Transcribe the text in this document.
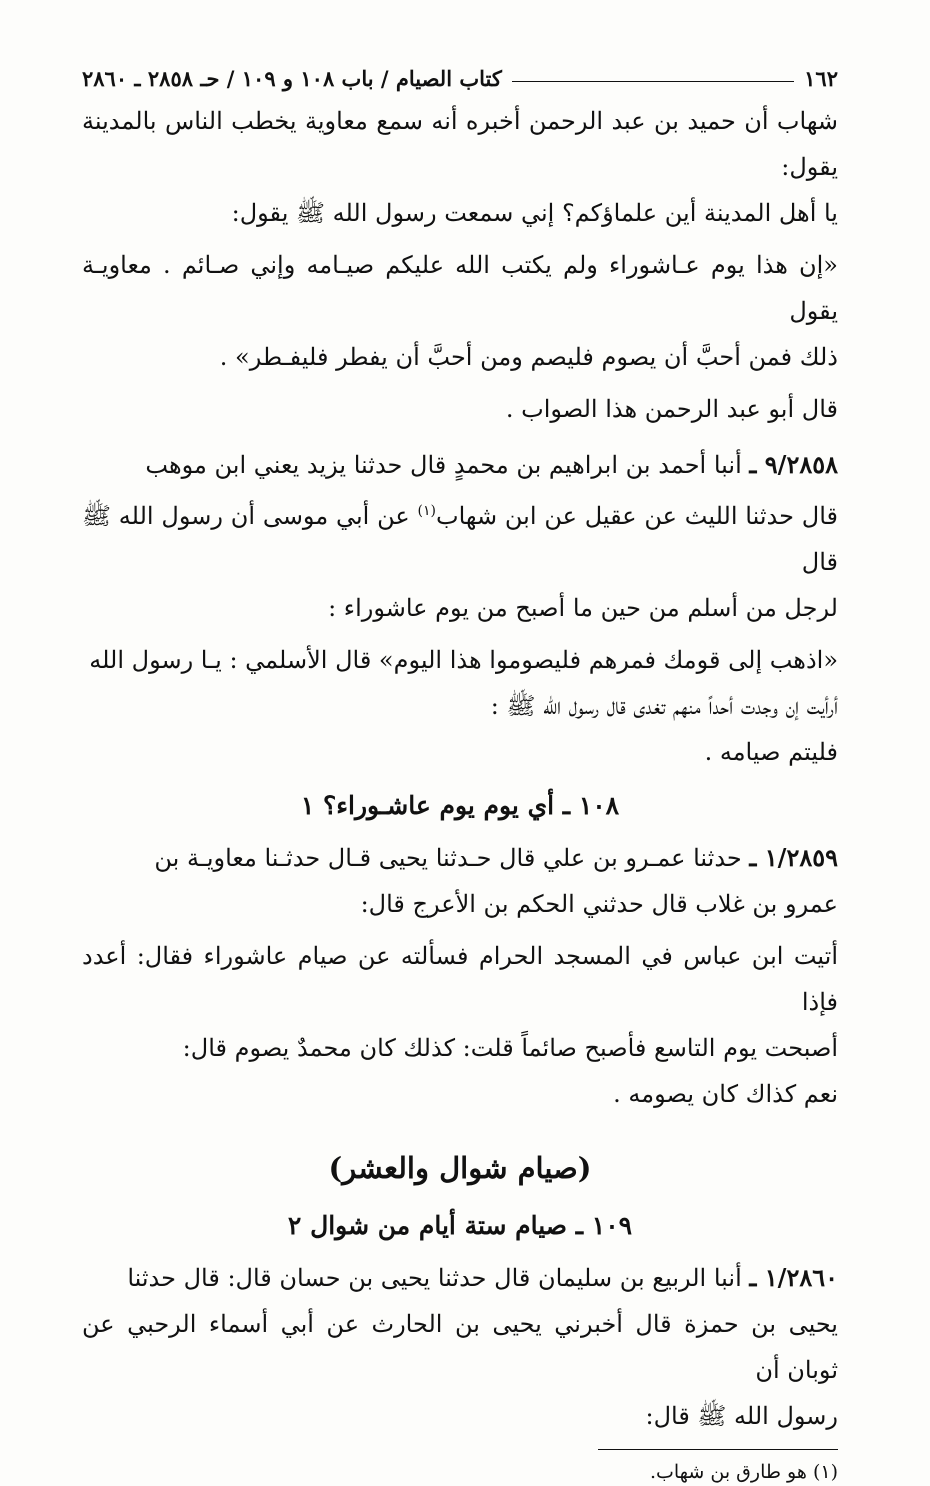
١٦٢
كتاب الصيام / باب ١٠٨ و ١٠٩ / حـ ٢٨٥٨ ـ ٢٨٦٠

شهاب أن حميد بن عبد الرحمن أخبره أنه سمع معاوية يخطب الناس بالمدينة يقول:
يا أهل المدينة أين علماؤكم؟ إني سمعت رسول الله ﷺ يقول:

«إن هذا يوم عـاشوراء ولم يكتب الله عليكم صيـامه وإني صـائم . معاويـة يقول
ذلك فمن أحبَّ أن يصوم فليصم ومن أحبَّ أن يفطر فليفـطر» .

قال أبو عبد الرحمن هذا الصواب .

٩/٢٨٥٨ ـ أنبا أحمد بن ابراهيم بن محمدٍ قال حدثنا يزيد يعني ابن موهب
قال حدثنا الليث عن عقيل عن ابن شهاب$^{(١)}$ عن أبي موسى أن رسول الله ﷺ قال
لرجل من أسلم من حين ما أصبح من يوم عاشوراء :

«اذهب إلى قومك فمرهم فليصوموا هذا اليوم» قال الأسلمي : يـا رسول الله
أرأيت إن وجدت أحداً منهم تغدى قال رسول الله ﷺ :
فليتم صيامه .

١٠٨ ـ أي يوم يوم عاشـوراء؟ ١

١/٢٨٥٩ ـ حدثنا عمـرو بن علي قال حـدثنا يحيى قـال حدثـنا معاويـة بن
عمرو بن غلاب قال حدثني الحكم بن الأعرج قال:

أتيت ابن عباس في المسجد الحرام فسألته عن صيام عاشوراء فقال: أعدد فإذا
أصبحت يوم التاسع فأصبح صائماً قلت: كذلك كان محمدٌ يصوم قال:
نعم كذاك كان يصومه .

(صيام شوال والعشر)
١٠٩ ـ صيام ستة أيام من شوال ٢

١/٢٨٦٠ ـ أنبا الربيع بن سليمان قال حدثنا يحيى بن حسان قال: قال حدثنا
يحيى بن حمزة قال أخبرني يحيى بن الحارث عن أبي أسماء الرحبي عن ثوبان أن
رسول الله ﷺ قال:

(١) هو طارق بن شهاب.
